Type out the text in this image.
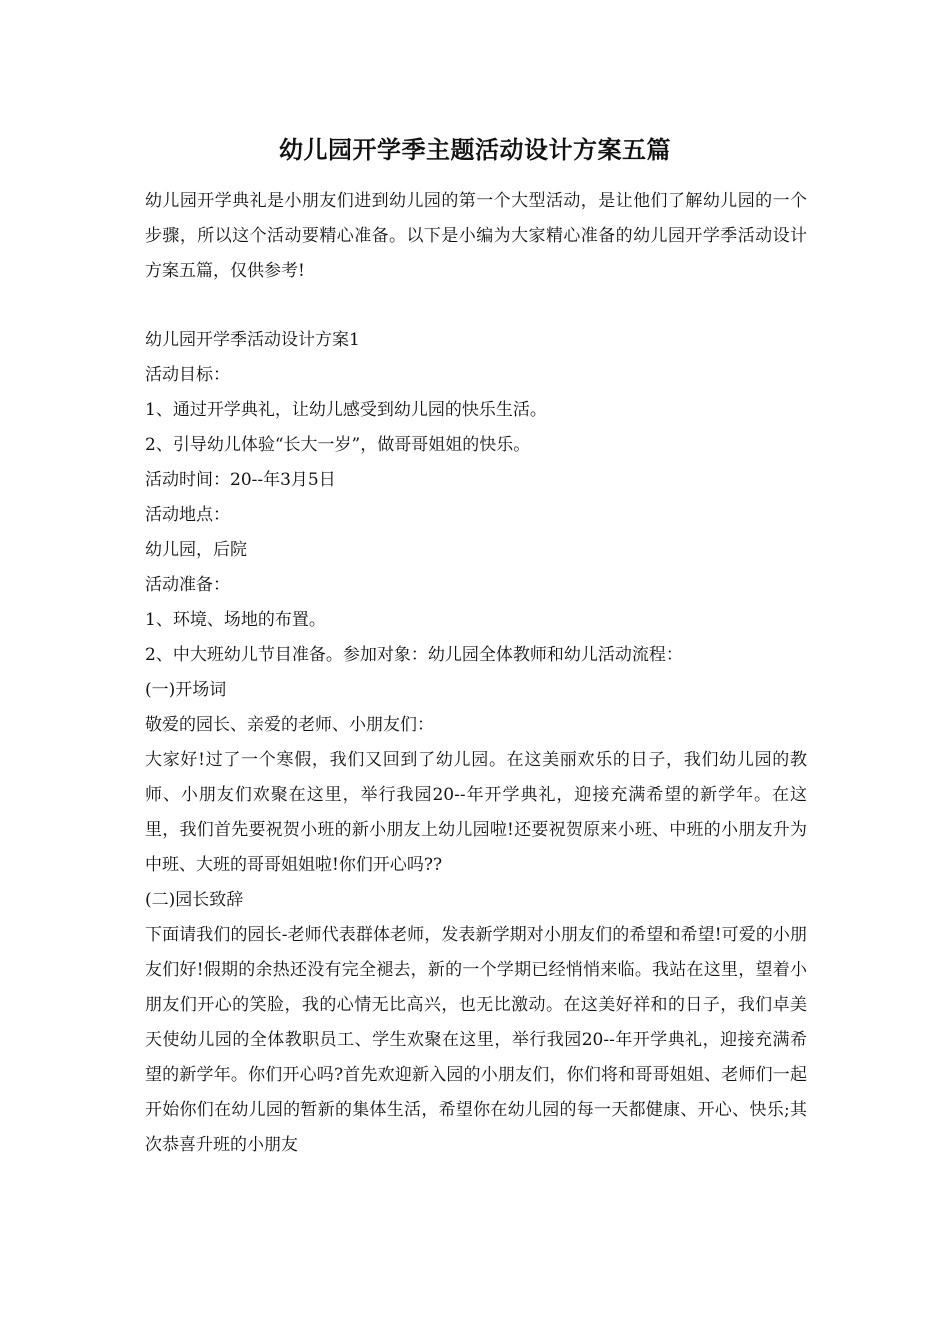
幼儿园开学季主题活动设计方案五篇

幼儿园开学典礼是小朋友们进到幼儿园的第一个大型活动，是让他们了解幼儿园的一个步骤，所以这个活动要精心准备。以下是小编为大家精心准备的幼儿园开学季活动设计方案五篇，仅供参考!

幼儿园开学季活动设计方案1

活动目标：

1、通过开学典礼，让幼儿感受到幼儿园的快乐生活。

2、引导幼儿体验“长大一岁”，做哥哥姐姐的快乐。

活动时间：20--年3月5日

活动地点：

幼儿园，后院

活动准备：

1、环境、场地的布置。

2、中大班幼儿节目准备。参加对象：幼儿园全体教师和幼儿活动流程：

(一)开场词

敬爱的园长、亲爱的老师、小朋友们：

大家好!过了一个寒假，我们又回到了幼儿园。在这美丽欢乐的日子，我们幼儿园的教师、小朋友们欢聚在这里，举行我园20--年开学典礼，迎接充满希望的新学年。在这里，我们首先要祝贺小班的新小朋友上幼儿园啦!还要祝贺原来小班、中班的小朋友升为中班、大班的哥哥姐姐啦!你们开心吗??

(二)园长致辞

下面请我们的园长-老师代表群体老师，发表新学期对小朋友们的希望和希望!可爱的小朋友们好!假期的余热还没有完全褪去，新的一个学期已经悄悄来临。我站在这里，望着小朋友们开心的笑脸，我的心情无比高兴，也无比激动。在这美好祥和的日子，我们卓美天使幼儿园的全体教职员工、学生欢聚在这里，举行我园20--年开学典礼，迎接充满希望的新学年。你们开心吗?首先欢迎新入园的小朋友们，你们将和哥哥姐姐、老师们一起开始你们在幼儿园的暂新的集体生活，希望你在幼儿园的每一天都健康、开心、快乐;其次恭喜升班的小朋友
